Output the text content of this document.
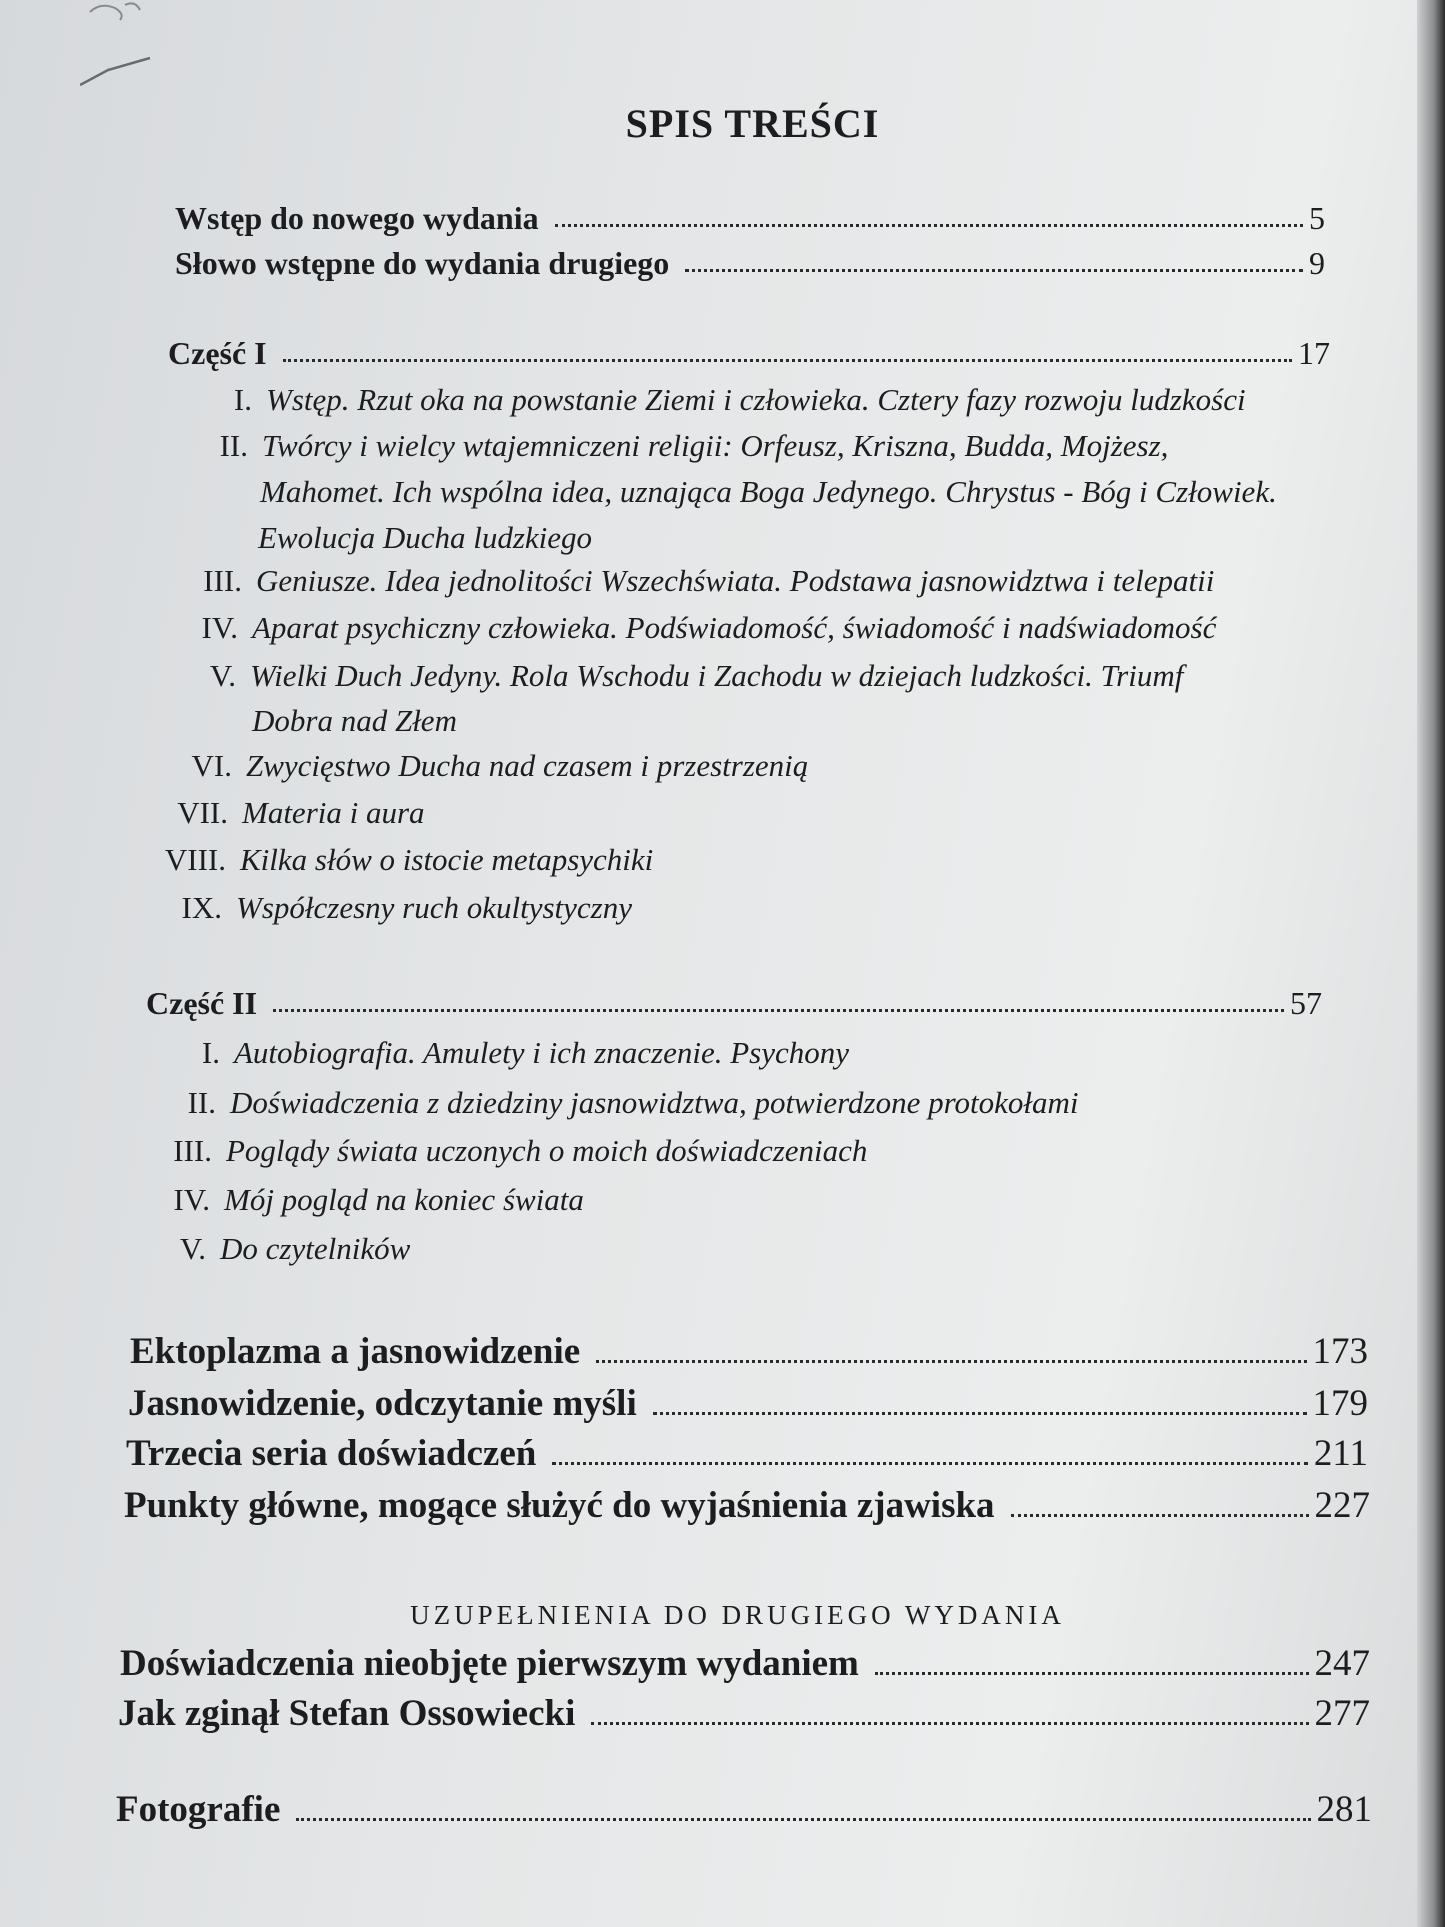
SPIS TREŚCI
Wstęp do nowego wydania	5
Słowo wstępne do wydania drugiego	9
Część I	17
I. Wstęp. Rzut oka na powstanie Ziemi i człowieka. Cztery fazy rozwoju ludzkości
II. Twórcy i wielcy wtajemniczeni religii: Orfeusz, Kriszna, Budda, Mojżesz,
Mahomet. Ich wspólna idea, uznająca Boga Jedynego. Chrystus - Bóg i Człowiek.
Ewolucja Ducha ludzkiego
III. Geniusze. Idea jednolitości Wszechświata. Podstawa jasnowidztwa i telepatii
IV. Aparat psychiczny człowieka. Podświadomość, świadomość i nadświadomość
V. Wielki Duch Jedyny. Rola Wschodu i Zachodu w dziejach ludzkości. Triumf
Dobra nad Złem
VI. Zwycięstwo Ducha nad czasem i przestrzenią
VII. Materia i aura
VIII. Kilka słów o istocie metapsychiki
IX. Współczesny ruch okultystyczny
Część II	57
I. Autobiografia. Amulety i ich znaczenie. Psychony
II. Doświadczenia z dziedziny jasnowidztwa, potwierdzone protokołami
III. Poglądy świata uczonych o moich doświadczeniach
IV. Mój pogląd na koniec świata
V. Do czytelników
Ektoplazma a jasnowidzenie	173
Jasnowidzenie, odczytanie myśli	179
Trzecia seria doświadczeń	211
Punkty główne, mogące służyć do wyjaśnienia zjawiska	227
UZUPEŁNIENIA DO DRUGIEGO WYDANIA
Doświadczenia nieobjęte pierwszym wydaniem	247
Jak zginął Stefan Ossowiecki	277
Fotografie	281
